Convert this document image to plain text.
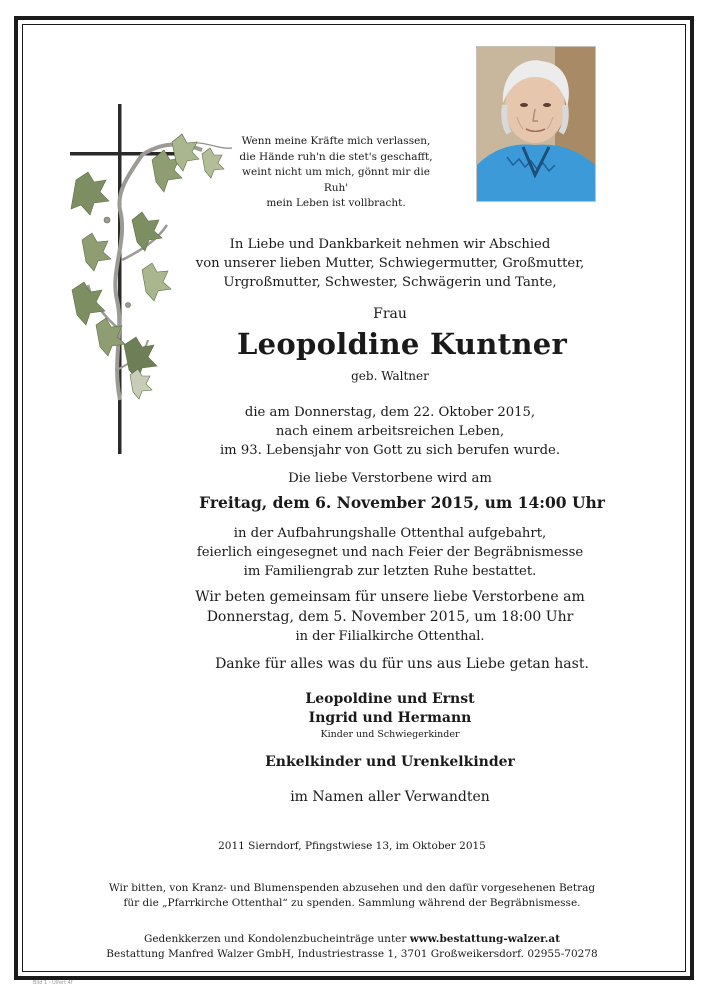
Wenn meine Kräfte mich verlassen,
die Hände ruh'n die stet's geschafft,
weint nicht um mich, gönnt mir die Ruh'
mein Leben ist vollbracht.
In Liebe und Dankbarkeit nehmen wir Abschied
von unserer lieben Mutter, Schwiegermutter, Großmutter,
Urgroßmutter, Schwester, Schwägerin und Tante,
Frau
Leopoldine Kuntner
geb. Waltner
die am Donnerstag, dem 22. Oktober 2015,
nach einem arbeitsreichen Leben,
im 93. Lebensjahr von Gott zu sich berufen wurde.
Die liebe Verstorbene wird am
Freitag, dem 6. November 2015, um 14:00 Uhr
in der Aufbahrungshalle Ottenthal aufgebahrt,
feierlich eingesegnet und nach Feier der Begräbnismesse
im Familiengrab zur letzten Ruhe bestattet.
Wir beten gemeinsam für unsere liebe Verstorbene am
Donnerstag, dem 5. November 2015, um 18:00 Uhr
in der Filialkirche Ottenthal.
Danke für alles was du für uns aus Liebe getan hast.
Leopoldine und Ernst
Ingrid und Hermann
Kinder und Schwiegerkinder
Enkelkinder und Urenkelkinder
im Namen aller Verwandten
2011 Sierndorf, Pfingstwiese 13, im Oktober 2015
Wir bitten, von Kranz- und Blumenspenden abzusehen und den dafür vorgesehenen Betrag
für die „Pfarrkirche Ottenthal“ zu spenden. Sammlung während der Begräbnismesse.
Gedenkkerzen und Kondolenzbucheinträge unter www.bestattung-walzer.at
Bestattung Manfred Walzer GmbH, Industriestrasse 1, 3701 Großweikersdorf. 02955-70278
Bild 1 - Ulfert 4f
